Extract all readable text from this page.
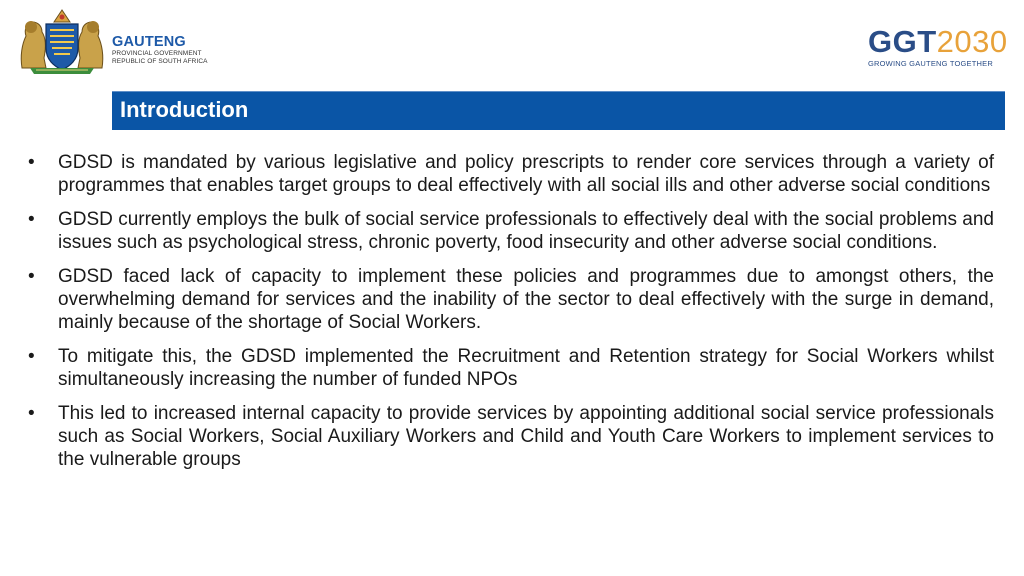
GAUTENG
PROVINCIAL GOVERNMENT
REPUBLIC OF SOUTH AFRICA
GGT2030
GROWING GAUTENG TOGETHER
Introduction
• GDSD is mandated by various legislative and policy prescripts to render core services through a variety of programmes that enables target groups to deal effectively with all social ills and other adverse social conditions
• GDSD currently employs the bulk of social service professionals to effectively deal with the social problems and issues such as psychological stress, chronic poverty, food insecurity and other adverse social conditions.
• GDSD faced lack of capacity to implement these policies and programmes due to amongst others, the overwhelming demand for services and the inability of the sector to deal effectively with the surge in demand, mainly because of the shortage of Social Workers.
• To mitigate this, the GDSD implemented the Recruitment and Retention strategy for Social Workers whilst simultaneously increasing the number of funded NPOs
• This led to increased internal capacity to provide services by appointing additional social service professionals such as Social Workers, Social Auxiliary Workers and Child and Youth Care Workers to implement services to the vulnerable groups
